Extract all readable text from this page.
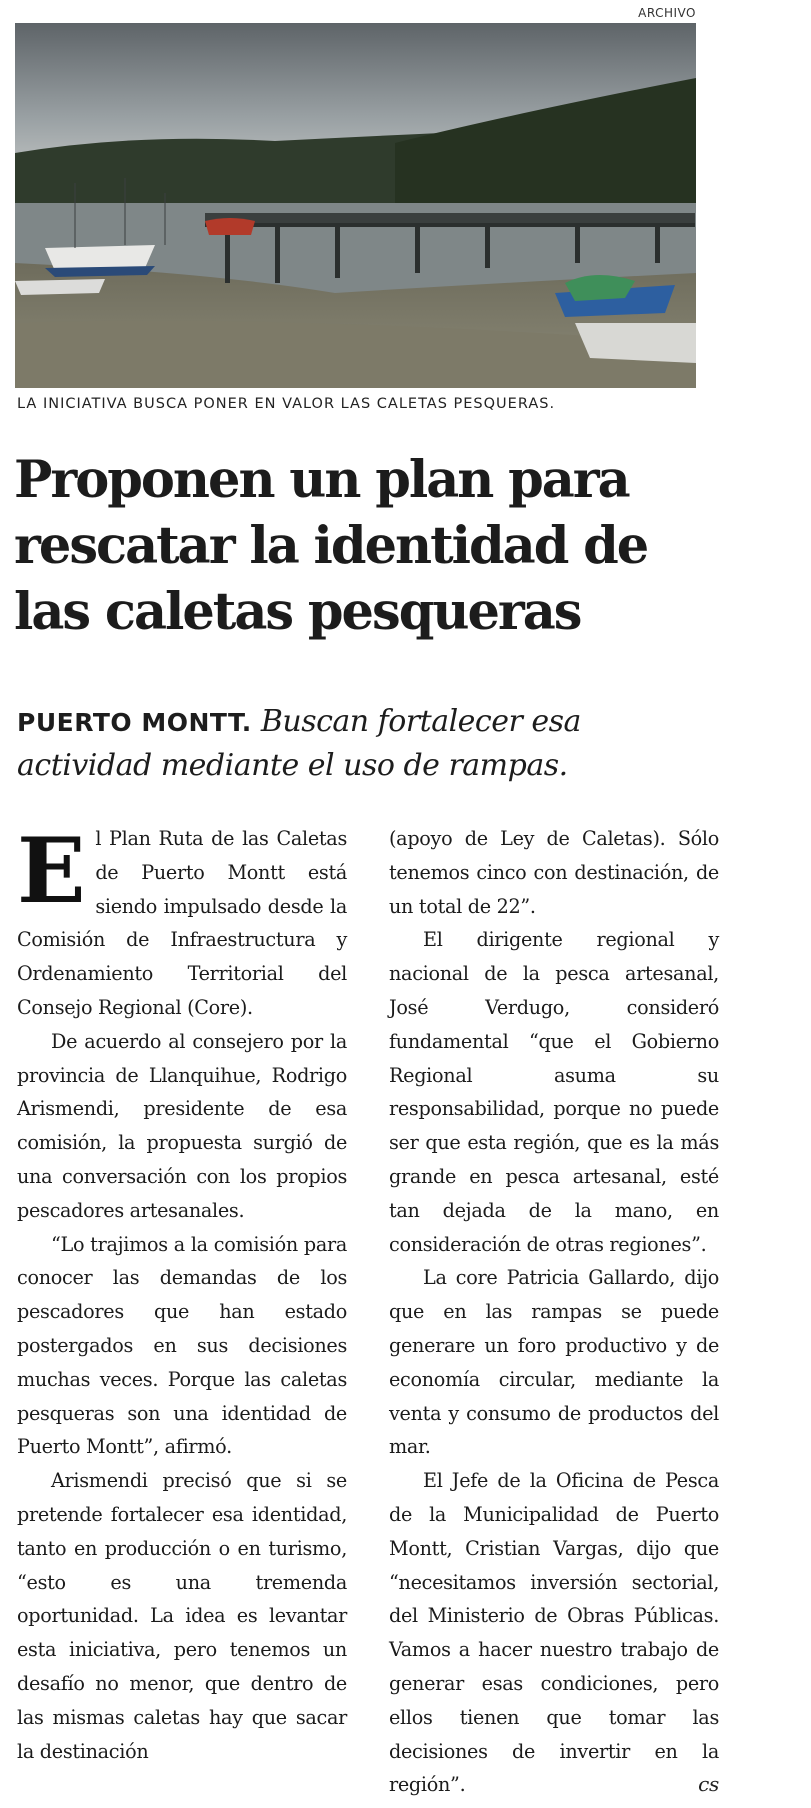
ARCHIVO
LA INICIATIVA BUSCA PONER EN VALOR LAS CALETAS PESQUERAS.
Proponen un plan para rescatar la identidad de las caletas pesqueras

PUERTO MONTT. Buscan fortalecer esa actividad mediante el uso de rampas.

El Plan Ruta de las Caletas de Puerto Montt está siendo impulsado desde la Comisión de Infraestructura y Ordenamiento Territorial del Consejo Regional (Core).

De acuerdo al consejero por la provincia de Llanquihue, Rodrigo Arismendi, presidente de esa comisión, la propuesta surgió de una conversación con los propios pescadores artesanales.

“Lo trajimos a la comisión para conocer las demandas de los pescadores que han estado postergados en sus decisiones muchas veces. Porque las caletas pesqueras son una identidad de Puerto Montt”, afirmó.

Arismendi precisó que si se pretende fortalecer esa identidad, tanto en producción o en turismo, “esto es una tremenda oportunidad. La idea es levantar esta iniciativa, pero tenemos un desafío no menor, que dentro de las mismas caletas hay que sacar la destinación

(apoyo de Ley de Caletas). Sólo tenemos cinco con destinación, de un total de 22”.

El dirigente regional y nacional de la pesca artesanal, José Verdugo, consideró fundamental “que el Gobierno Regional asuma su responsabilidad, porque no puede ser que esta región, que es la más grande en pesca artesanal, esté tan dejada de la mano, en consideración de otras regiones”.

La core Patricia Gallardo, dijo que en las rampas se puede generare un foro productivo y de economía circular, mediante la venta y consumo de productos del mar.

El Jefe de la Oficina de Pesca de la Municipalidad de Puerto Montt, Cristian Vargas, dijo que “necesitamos inversión sectorial, del Ministerio de Obras Públicas. Vamos a hacer nuestro trabajo de generar esas condiciones, pero ellos tienen que tomar las decisiones de invertir en la región”.	cs
